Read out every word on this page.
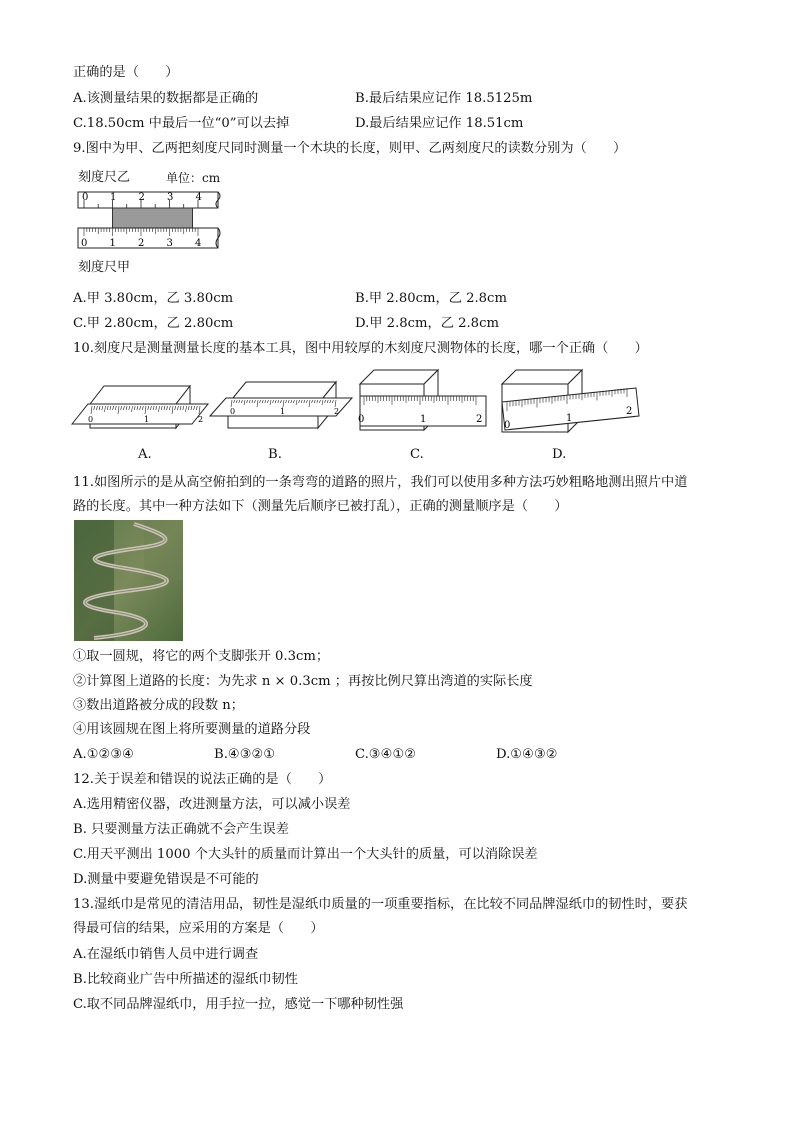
正确的是（　　）
A.该测量结果的数据都是正确的	B.最后结果应记作 18.5125m
C.18.50cm 中最后一位“0”可以去掉	D.最后结果应记作 18.51cm
9.图中为甲、乙两把刻度尺同时测量一个木块的长度，则甲、乙两刻度尺的读数分别为（　　）
刻度尺乙	单位：cm
0 1 2 3 4
0 1 2 3 4
刻度尺甲
A.甲 3.80cm，乙 3.80cm	B.甲 2.80cm，乙 2.8cm
C.甲 2.80cm，乙 2.80cm	D.甲 2.8cm，乙 2.8cm
10.刻度尺是测量测量长度的基本工具，图中用较厚的木刻度尺测物体的长度，哪一个正确（　　）
0	1	2
0	1	2
0	1	2
0
1
2
A.	B.	C.	D.
11.如图所示的是从高空俯拍到的一条弯弯的道路的照片，我们可以使用多种方法巧妙粗略地测出照片中道
路的长度。其中一种方法如下（测量先后顺序已被打乱），正确的测量顺序是（　　）
①取一圆规，将它的两个支脚张开 0.3cm；
②计算图上道路的长度：为先求 n × 0.3cm ；再按比例尺算出湾道的实际长度
③数出道路被分成的段数 n；
④用该圆规在图上将所要测量的道路分段
A.①②③④	B.④③②①	C.③④①②	D.①④③②
12.关于误差和错误的说法正确的是（　　）
A.选用精密仪器，改进测量方法，可以减小误差
B. 只要测量方法正确就不会产生误差
C.用天平测出 1000 个大头针的质量而计算出一个大头针的质量，可以消除误差
D.测量中要避免错误是不可能的
13.湿纸巾是常见的清洁用品，韧性是湿纸巾质量的一项重要指标，在比较不同品牌湿纸巾的韧性时，要获
得最可信的结果，应采用的方案是（　　）
A.在湿纸巾销售人员中进行调查
B.比较商业广告中所描述的湿纸巾韧性
C.取不同品牌湿纸巾，用手拉一拉，感觉一下哪种韧性强
